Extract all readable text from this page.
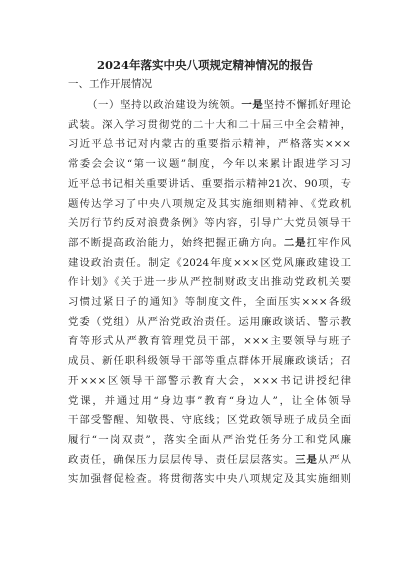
2024年落实中央八项规定精神情况的报告
一、工作开展情况
（一）坚持以政治建设为统领。一是坚持不懈抓好理论
武装。深入学习贯彻党的二十大和二十届三中全会精神，
习近平总书记对内蒙古的重要指示精神，严格落实×××
常委会会议“第一议题”制度，今年以来累计跟进学习习
近平总书记相关重要讲话、重要指示精神21次、90项，专
题传达学习了中央八项规定及其实施细则精神、《党政机
关厉行节约反对浪费条例》等内容，引导广大党员领导干
部不断提高政治能力，始终把握正确方向。二是扛牢作风
建设政治责任。制定《2024年度×××区党风廉政建设工
作计划》《关于进一步从严控制财政支出推动党政机关要
习惯过紧日子的通知》等制度文件，全面压实×××各级
党委（党组）从严治党政治责任。运用廉政谈话、警示教
育等形式从严教育管理党员干部，×××主要领导与班子
成员、新任职科级领导干部等重点群体开展廉政谈话；召
开×××区领导干部警示教育大会，×××书记讲授纪律
党课，并通过用“身边事”教育“身边人”，让全体领导
干部受警醒、知敬畏、守底线；区党政领导班子成员全面
履行“一岗双责”，落实全面从严治党任务分工和党风廉
政责任，确保压力层层传导、责任层层落实。三是从严从
实加强督促检查。将贯彻落实中央八项规定及其实施细则
